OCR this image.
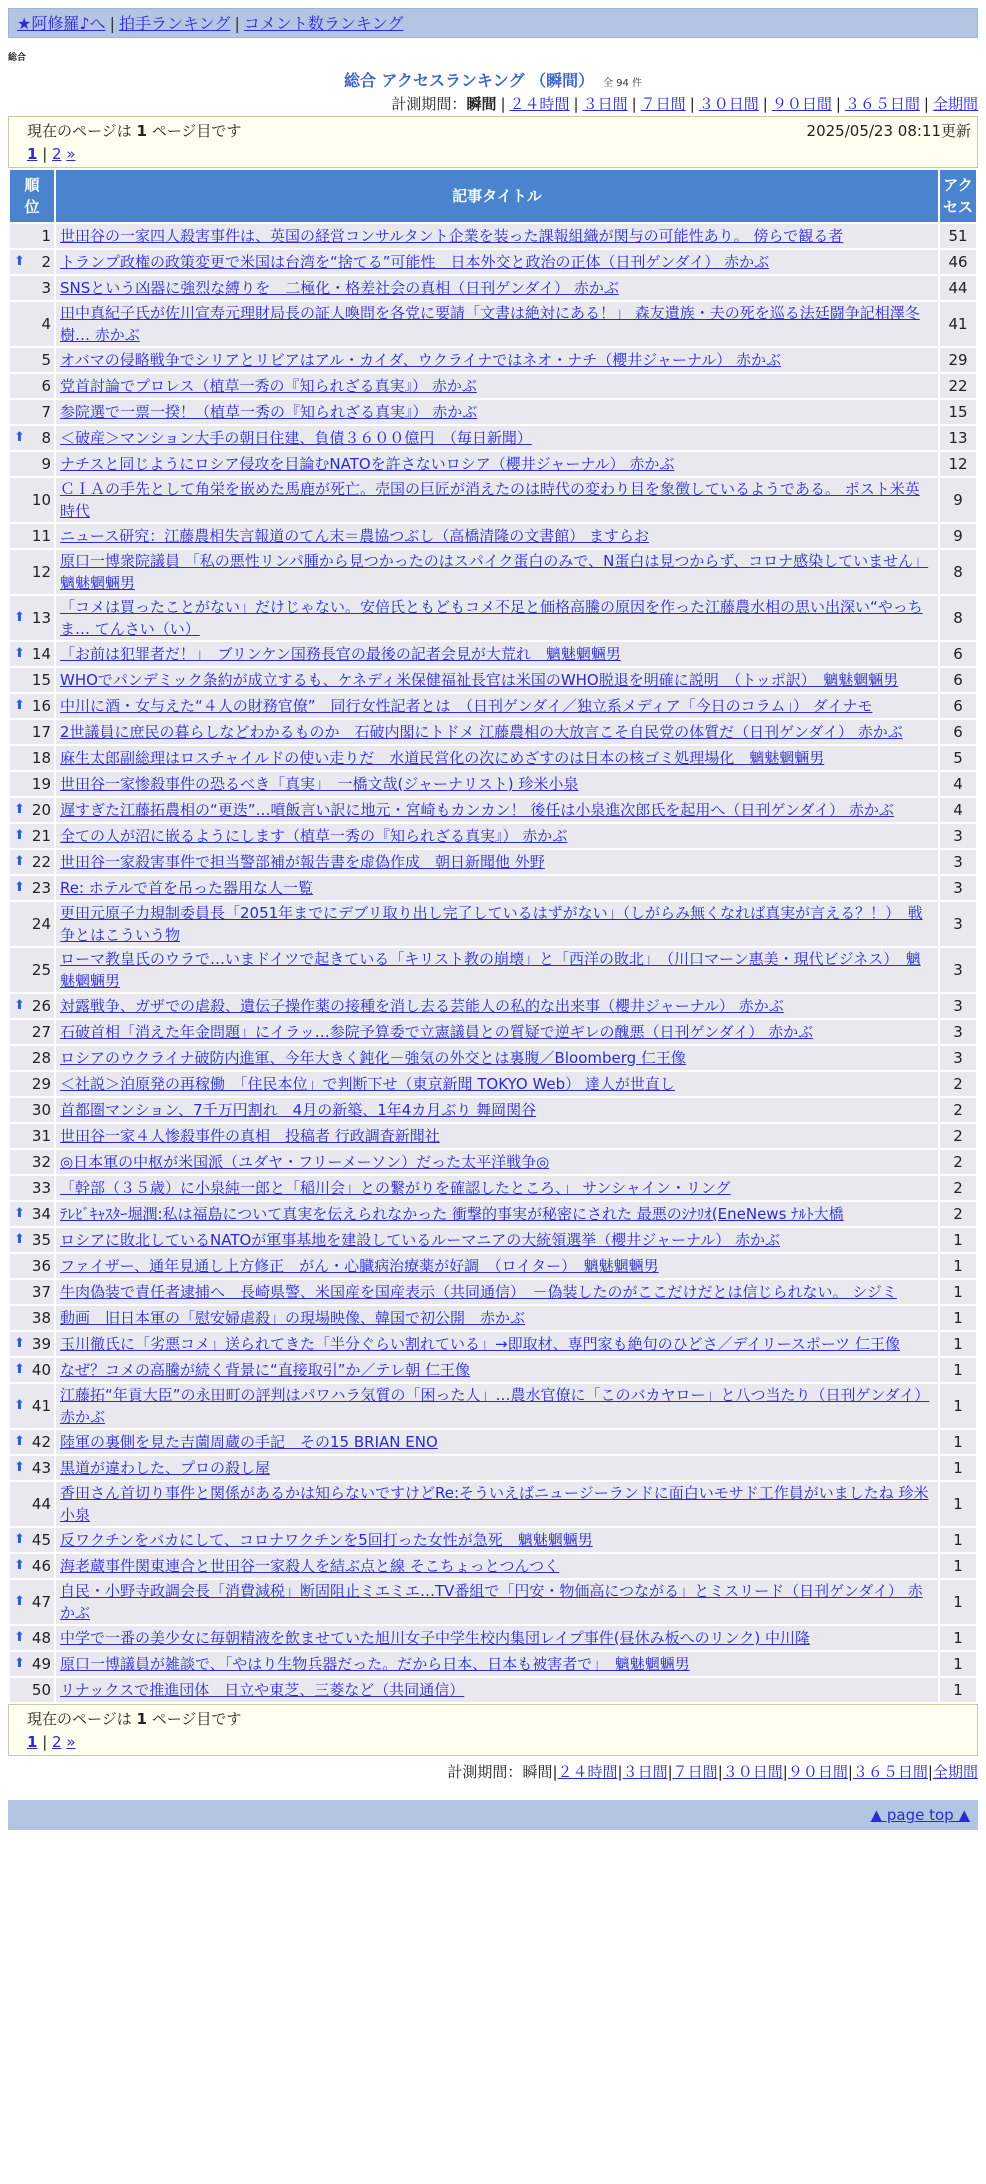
★阿修羅♪へ | 拍手ランキング | コメント数ランキング
総合
総合 アクセスランキング （瞬間） 全 94 件
計測期間：瞬間 | ２４時間 | ３日間 | ７日間 | ３０日間 | ９０日間 | ３６５日間 | 全期間
現在のページは 1 ページ目です	2025/05/23 08:11更新
1 | 2 »
順
位	記事タイトル	アク
セス
1	世田谷の一家四人殺害事件は、英国の経営コンサルタント企業を装った課報組織が関与の可能性あり。 傍らで観る者	51

⬆ 2	トランプ政権の政策変更で米国は台湾を“捨てる”可能性　日本外交と政治の正体（日刊ゲンダイ） 赤かぶ	46
3	SNSという凶器に強烈な縛りを　二極化・格差社会の真相（日刊ゲンダイ） 赤かぶ	44
4	田中真紀子氏が佐川宣寿元理財局長の証人喚問を各党に要請「文書は絶対にある！」 森友遺族・夫の死を巡る法廷闘争記相澤冬樹… 赤かぶ	41
5	オバマの侵略戦争でシリアとリビアはアル・カイダ、ウクライナではネオ・ナチ（櫻井ジャーナル） 赤かぶ	29
6	党首討論でプロレス（植草一秀の『知られざる真実』） 赤かぶ	22
7	参院選で一票一揆！（植草一秀の『知られざる真実』） 赤かぶ	15

⬆ 8	＜破産＞マンション大手の朝日住建、負債３６００億円　（毎日新聞）	13
9	ナチスと同じようにロシア侵攻を目論むNATOを許さないロシア（櫻井ジャーナル） 赤かぶ	12
10	ＣＩＡの手先として角栄を嵌めた馬鹿が死亡。売国の巨匠が消えたのは時代の変わり目を象徴しているようである。 ポスト米英時代	9
11	ニュース研究：江藤農相失言報道のてん末＝農協つぶし（高橋清隆の文書館） ますらお	9
12	原口一博衆院議員 「私の悪性リンパ腫から見つかったのはスパイク蛋白のみで、N蛋白は見つからず、コロナ感染していません」 魑魅魍魎男	8

⬆ 13	「コメは買ったことがない」だけじゃない。安倍氏ともどもコメ不足と価格高騰の原因を作った江藤農水相の思い出深い“やっちま… てんさい（い）	8

⬆ 14	「お前は犯罪者だ！」　ブリンケン国務長官の最後の記者会見が大荒れ　魑魅魍魎男	6
15	WHOでパンデミック条約が成立するも、ケネディ米保健福祉長官は米国のWHO脱退を明確に説明　（トッポ訳）　魑魅魍魎男	6

⬆ 16	中川に酒・女与えた“４人の財務官僚”　同行女性記者とは　（日刊ゲンダイ／独立系メディア「今日のコラム」） ダイナモ	6
17	2世議員に庶民の暮らしなどわかるものか　石破内閣にトドメ 江藤農相の大放言こそ自民党の体質だ（日刊ゲンダイ） 赤かぶ	6
18	麻生太郎副総理はロスチャイルドの使い走りだ　水道民営化の次にめざすのは日本の核ゴミ処理場化　魑魅魍魎男	5
19	世田谷一家惨殺事件の恐るべき「真実」　一橋文哉(ジャーナリスト) 珍米小泉	4

⬆ 20	遅すぎた江藤拓農相の“更迭”…噴飯言い訳に地元・宮崎もカンカン！ 後任は小泉進次郎氏を起用へ（日刊ゲンダイ） 赤かぶ	4

⬆ 21	全ての人が沼に嵌るようにします（植草一秀の『知られざる真実』） 赤かぶ	3

⬆ 22	世田谷一家殺害事件で担当警部補が報告書を虚偽作成　朝日新聞他 外野	3

⬆ 23	Re: ホテルで首を吊った器用な人一覧	3
24	更田元原子力規制委員長「2051年までにデブリ取り出し完了しているはずがない」（しがらみ無くなれば真実が言える？！）　戦争とはこういう物	3
25	ローマ教皇氏のウラで…いまドイツで起きている「キリスト教の崩壊」と「西洋の敗北」　（川口マーン惠美・現代ビジネス）　魑魅魍魎男	3

⬆ 26	対露戦争、ガザでの虐殺、遺伝子操作薬の接種を消し去る芸能人の私的な出来事（櫻井ジャーナル） 赤かぶ	3
27	石破首相「消えた年金問題」にイラッ…参院予算委で立憲議員との質疑で逆ギレの醜悪（日刊ゲンダイ） 赤かぶ	3
28	ロシアのウクライナ破防内進軍、今年大きく鈍化－強気の外交とは裏腹／Bloomberg 仁王像	3
29	＜社説＞泊原発の再稼働　「住民本位」で判断下せ（東京新聞 TOKYO Web） 達人が世直し	2
30	首都圏マンション、7千万円割れ　4月の新築、1年4カ月ぶり 舞岡関谷	2
31	世田谷一家４人惨殺事件の真相　投稿者 行政調査新聞社	2
32	◎日本軍の中枢が米国派（ユダヤ・フリーメーソン）だった太平洋戦争◎	2
33	「幹部（３５歳）に小泉純一郎と「稲川会」との繋がりを確認したところ、」 サンシャイン・リング	2

⬆ 34	ﾃﾚﾋﾞｷｬｽﾀｰ堀潤:私は福島について真実を伝えられなかった 衝撃的事実が秘密にされた 最悪のｼﾅﾘｵ(EneNews ﾅﾙﾄ大橋	2

⬆ 35	ロシアに敗北しているNATOが軍事基地を建設しているルーマニアの大統領選挙（櫻井ジャーナル） 赤かぶ	1
36	ファイザー、通年見通し上方修正　がん・心臓病治療薬が好調　（ロイター）　魑魅魍魎男	1
37	牛肉偽装で責任者逮捕へ　長崎県警、米国産を国産表示（共同通信）　－偽装したのがここだけだとは信じられない。 シジミ	1
38	動画　旧日本軍の「慰安婦虐殺」の現場映像、韓国で初公開　赤かぶ	1

⬆ 39	玉川徹氏に「劣悪コメ」送られてきた「半分ぐらい割れている」→即取材、専門家も絶句のひどさ／デイリースポーツ 仁王像	1

⬆ 40	なぜ？コメの高騰が続く背景に“直接取引”か／テレ朝 仁王像	1

⬆ 41	江藤拓“年貢大臣”の永田町の評判はパワハラ気質の「困った人」…農水官僚に「このバカヤロー」と八つ当たり（日刊ゲンダイ） 赤かぶ	1

⬆ 42	陸軍の裏側を見た吉薗周蔵の手記　その15 BRIAN ENO	1

⬆ 43	黒道が違わした、プロの殺し屋	1
44	香田さん首切り事件と関係があるかは知らないですけどRe:そういえばニュージーランドに面白いモサド工作員がいましたね 珍米小泉	1

⬆ 45	反ワクチンをバカにして、コロナワクチンを5回打った女性が急死　魑魅魍魎男	1

⬆ 46	海老蔵事件関東連合と世田谷一家殺人を結ぶ点と線 そこちょっとつんつく	1

⬆ 47	自民・小野寺政調会長「消費減税」断固阻止ミエミエ…TV番組で「円安・物価高につながる」とミスリード（日刊ゲンダイ） 赤かぶ	1

⬆ 48	中学で一番の美少女に毎朝精液を飲ませていた旭川女子中学生校内集団レイプ事件(昼休み板へのリンク) 中川隆	1

⬆ 49	原口一博議員が雑談で、「やはり生物兵器だった。だから日本、日本も被害者で」　魑魅魍魎男	1
50	リナックスで推進団体　日立や東芝、三菱など（共同通信）	1
現在のページは 1 ページ目です
1 | 2 »
計測期間：瞬間|２４時間|３日間|７日間|３０日間|９０日間|３６５日間|全期間
▲ page top ▲
